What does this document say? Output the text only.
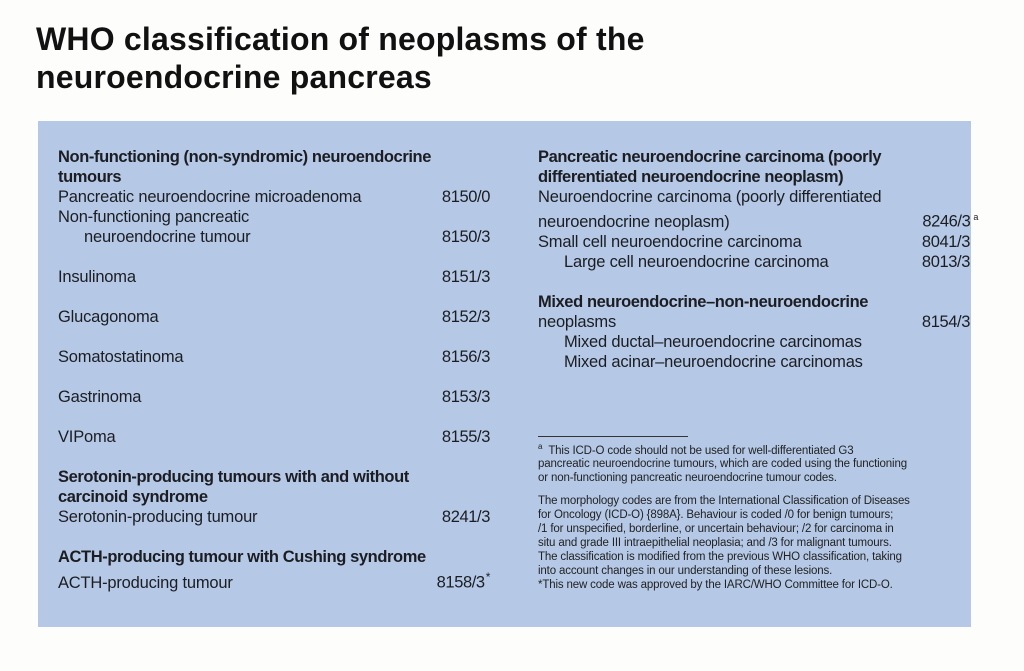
WHO classification of neoplasms of the
neuroendocrine pancreas
Non-functioning (non-syndromic) neuroendocrine
tumours
Pancreatic neuroendocrine microadenoma	8150/0
Non-functioning pancreatic
neuroendocrine tumour	8150/3
Insulinoma	8151/3
Glucagonoma	8152/3
Somatostatinoma	8156/3
Gastrinoma	8153/3
VIPoma	8155/3
Serotonin-producing tumours with and without
carcinoid syndrome
Serotonin-producing tumour	8241/3
ACTH-producing tumour with Cushing syndrome
ACTH-producing tumour	8158/3*
Pancreatic neuroendocrine carcinoma (poorly
differentiated neuroendocrine neoplasm)
Neuroendocrine carcinoma (poorly differentiated
neuroendocrine neoplasm)	8246/3 $^a$
Small cell neuroendocrine carcinoma	8041/3
Large cell neuroendocrine carcinoma	8013/3
Mixed neuroendocrine–non-neuroendocrine
neoplasms	8154/3
Mixed ductal–neuroendocrine carcinomas
Mixed acinar–neuroendocrine carcinomas
$^a$ This ICD-O code should not be used for well-differentiated G3
pancreatic neuroendocrine tumours, which are coded using the functioning
or non-functioning pancreatic neuroendocrine tumour codes.
The morphology codes are from the International Classification of Diseases
for Oncology (ICD-O) {898A}. Behaviour is coded /0 for benign tumours;
/1 for unspecified, borderline, or uncertain behaviour; /2 for carcinoma in
situ and grade III intraepithelial neoplasia; and /3 for malignant tumours.
The classification is modified from the previous WHO classification, taking
into account changes in our understanding of these lesions.
*This new code was approved by the IARC/WHO Committee for ICD-O.
